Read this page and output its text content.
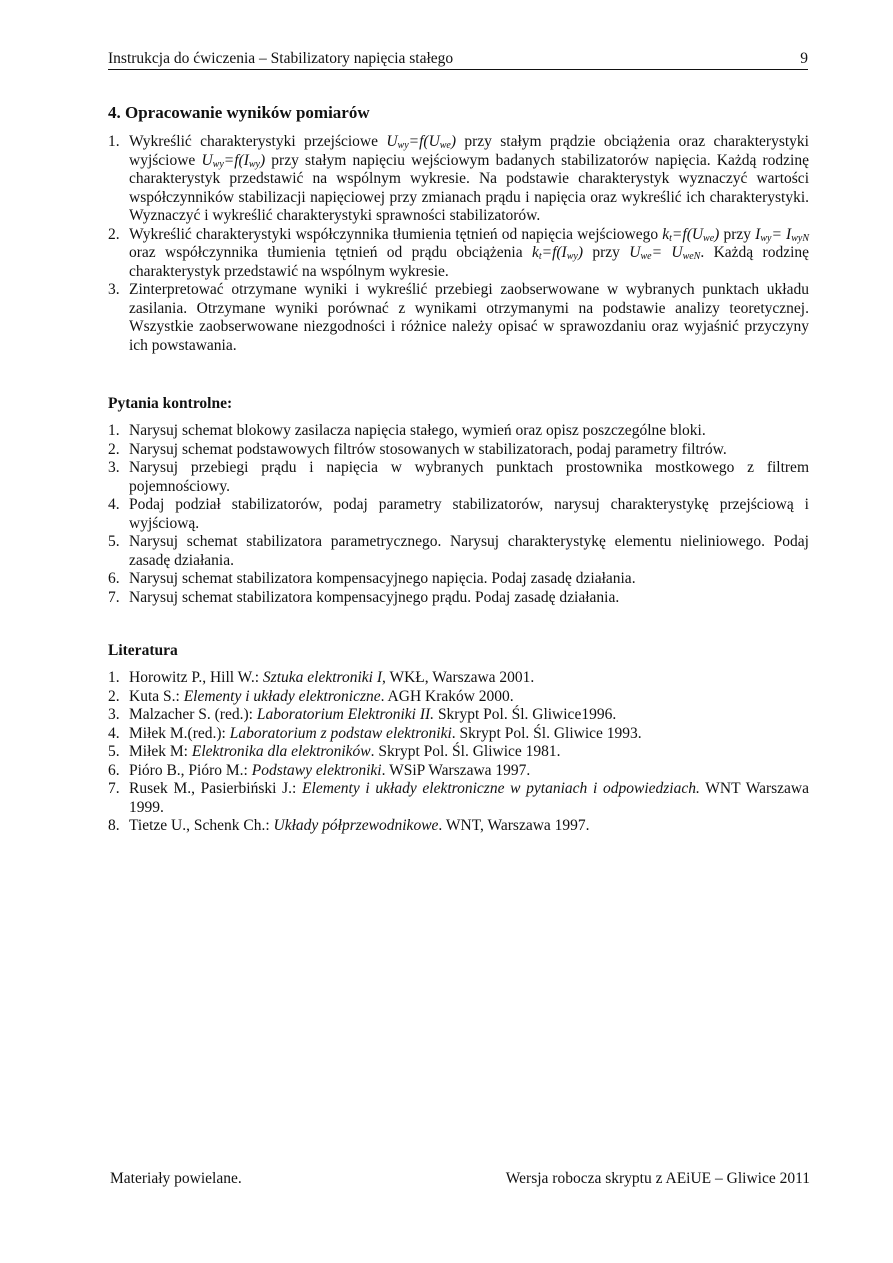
Instrukcja do ćwiczenia – Stabilizatory napięcia stałego	9
4. Opracowanie wyników pomiarów
1. Wykreślić charakterystyki przejściowe $U_{wy}=f(U_{we})$ przy stałym prądzie obciążenia oraz charakterystyki wyjściowe $U_{wy}=f(I_{wy})$ przy stałym napięciu wejściowym badanych stabilizatorów napięcia. Każdą rodzinę charakterystyk przedstawić na wspólnym wykresie. Na podstawie charakterystyk wyznaczyć wartości współczynników stabilizacji napięciowej przy zmianach prądu i napięcia oraz wykreślić ich charakterystyki. Wyznaczyć i wykreślić charakterystyki sprawności stabilizatorów.
2. Wykreślić charakterystyki współczynnika tłumienia tętnień od napięcia wejściowego $k_t=f(U_{we})$ przy $I_{wy}= I_{wyN}$ oraz współczynnika tłumienia tętnień od prądu obciążenia $k_t=f(I_{wy})$ przy $U_{we}= U_{weN}$. Każdą rodzinę charakterystyk przedstawić na wspólnym wykresie.
3. Zinterpretować otrzymane wyniki i wykreślić przebiegi zaobserwowane w wybranych punktach układu zasilania. Otrzymane wyniki porównać z wynikami otrzymanymi na podstawie analizy teoretycznej. Wszystkie zaobserwowane niezgodności i różnice należy opisać w sprawozdaniu oraz wyjaśnić przyczyny ich powstawania.
Pytania kontrolne:
1. Narysuj schemat blokowy zasilacza napięcia stałego, wymień oraz opisz poszczególne bloki.
2. Narysuj schemat podstawowych filtrów stosowanych w stabilizatorach, podaj parametry filtrów.
3. Narysuj przebiegi prądu i napięcia w wybranych punktach prostownika mostkowego z filtrem pojemnościowy.
4. Podaj podział stabilizatorów, podaj parametry stabilizatorów, narysuj charakterystykę przejściową i wyjściową.
5. Narysuj schemat stabilizatora parametrycznego. Narysuj charakterystykę elementu nieliniowego. Podaj zasadę działania.
6. Narysuj schemat stabilizatora kompensacyjnego napięcia. Podaj zasadę działania.
7. Narysuj schemat stabilizatora kompensacyjnego prądu. Podaj zasadę działania.
Literatura
1. Horowitz P., Hill W.: Sztuka elektroniki I, WKŁ, Warszawa 2001.
2. Kuta S.: Elementy i układy elektroniczne. AGH Kraków 2000.
3. Malzacher S. (red.): Laboratorium Elektroniki II. Skrypt Pol. Śl. Gliwice1996.
4. Miłek M.(red.): Laboratorium z podstaw elektroniki. Skrypt Pol. Śl. Gliwice 1993.
5. Miłek M: Elektronika dla elektroników. Skrypt Pol. Śl. Gliwice 1981.
6. Pióro B., Pióro M.: Podstawy elektroniki. WSiP Warszawa 1997.
7. Rusek M., Pasierbiński J.: Elementy i układy elektroniczne w pytaniach i odpowiedziach. WNT Warszawa 1999.
8. Tietze U., Schenk Ch.: Układy półprzewodnikowe. WNT, Warszawa 1997.
Materiały powielane.	Wersja robocza skryptu z AEiUE – Gliwice 2011
